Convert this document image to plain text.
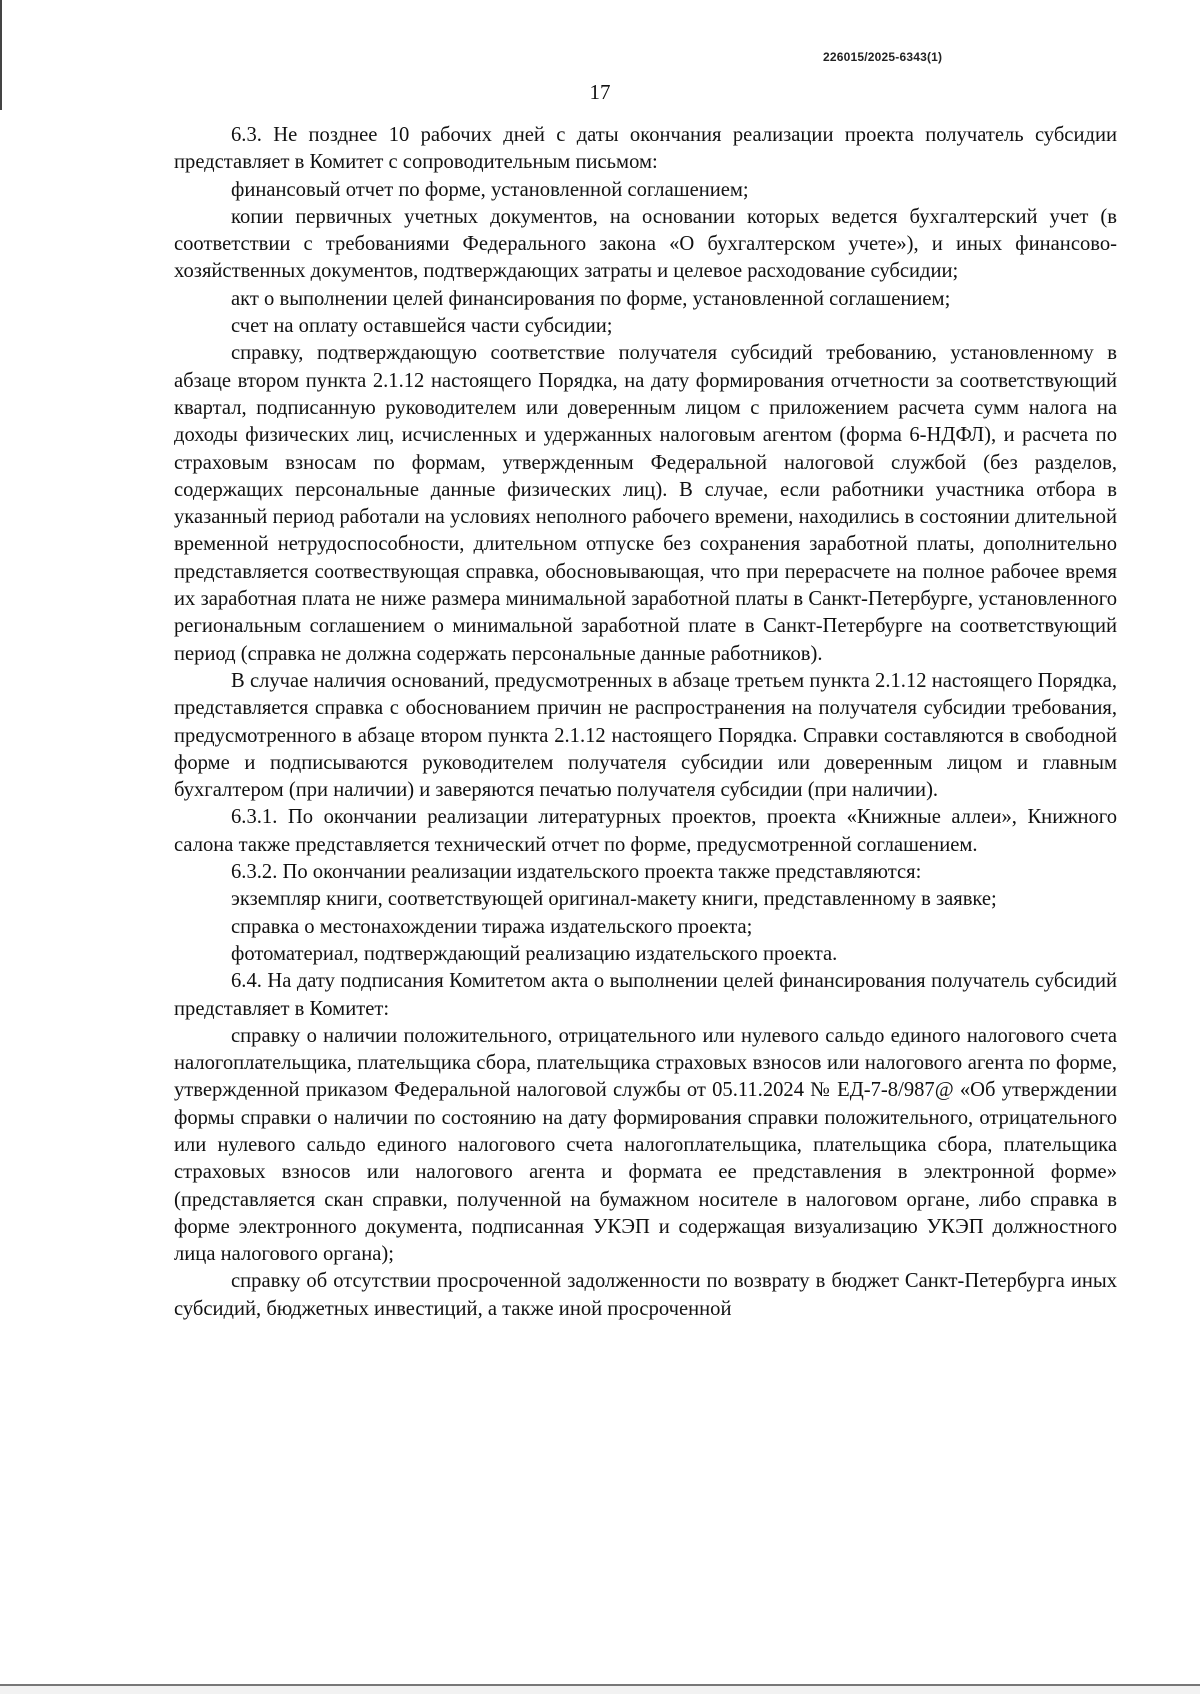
226015/2025-6343(1)
17

6.3. Не позднее 10 рабочих дней с даты окончания реализации проекта получатель субсидии представляет в Комитет с сопроводительным письмом:

финансовый отчет по форме, установленной соглашением;

копии первичных учетных документов, на основании которых ведется бухгалтерский учет (в соответствии с требованиями Федерального закона «О бухгалтерском учете»), и иных финансово-хозяйственных документов, подтверждающих затраты и целевое расходование субсидии;

акт о выполнении целей финансирования по форме, установленной соглашением;

счет на оплату оставшейся части субсидии;

справку, подтверждающую соответствие получателя субсидий требованию, установленному в абзаце втором пункта 2.1.12 настоящего Порядка, на дату формирования отчетности за соответствующий квартал, подписанную руководителем или доверенным лицом с приложением расчета сумм налога на доходы физических лиц, исчисленных и удержанных налоговым агентом (форма 6-НДФЛ), и расчета по страховым взносам по формам, утвержденным Федеральной налоговой службой (без разделов, содержащих персональные данные физических лиц). В случае, если работники участника отбора в указанный период работали на условиях неполного рабочего времени, находились в состоянии длительной временной нетрудоспособности, длительном отпуске без сохранения заработной платы, дополнительно представляется соотвествующая справка, обосновывающая, что при перерасчете на полное рабочее время их заработная плата не ниже размера минимальной заработной платы в Санкт-Петербурге, установленного региональным соглашением о минимальной заработной плате в Санкт-Петербурге на соответствующий период (справка не должна содержать персональные данные работников).

В случае наличия оснований, предусмотренных в абзаце третьем пункта 2.1.12 настоящего Порядка, представляется справка с обоснованием причин не распространения на получателя субсидии требования, предусмотренного в абзаце втором пункта 2.1.12 настоящего Порядка. Справки составляются в свободной форме и подписываются руководителем получателя субсидии или доверенным лицом и главным бухгалтером (при наличии) и заверяются печатью получателя субсидии (при наличии).

6.3.1. По окончании реализации литературных проектов, проекта «Книжные аллеи», Книжного салона также представляется технический отчет по форме, предусмотренной соглашением.

6.3.2. По окончании реализации издательского проекта также представляются:

экземпляр книги, соответствующей оригинал-макету книги, представленному в заявке;

справка о местонахождении тиража издательского проекта;

фотоматериал, подтверждающий реализацию издательского проекта.

6.4. На дату подписания Комитетом акта о выполнении целей финансирования получатель субсидий представляет в Комитет:

справку о наличии положительного, отрицательного или нулевого сальдо единого налогового счета налогоплательщика, плательщика сбора, плательщика страховых взносов или налогового агента по форме, утвержденной приказом Федеральной налоговой службы от 05.11.2024 № ЕД-7-8/987@ «Об утверждении формы справки о наличии по состоянию на дату формирования справки положительного, отрицательного или нулевого сальдо единого налогового счета налогоплательщика, плательщика сбора, плательщика страховых взносов или налогового агента и формата ее представления в электронной форме» (представляется скан справки, полученной на бумажном носителе в налоговом органе, либо справка в форме электронного документа, подписанная УКЭП и содержащая визуализацию УКЭП должностного лица налогового органа);

справку об отсутствии просроченной задолженности по возврату в бюджет Санкт-Петербурга иных субсидий, бюджетных инвестиций, а также иной просроченной
